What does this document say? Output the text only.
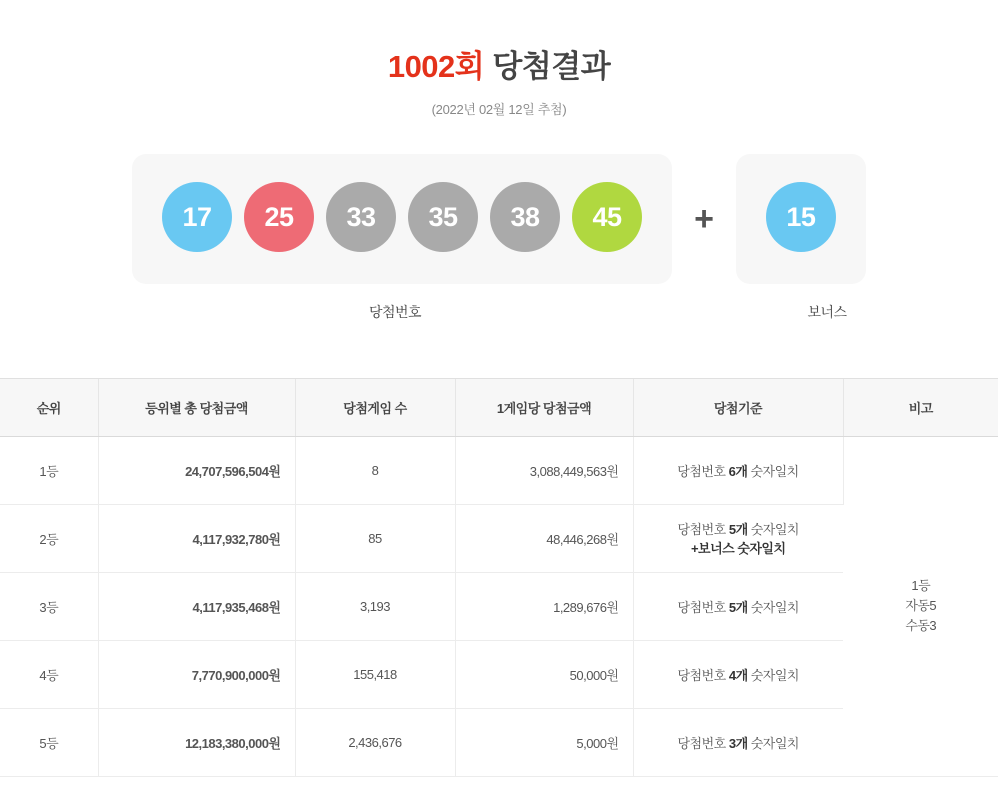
1002회 당첨결과
(2022년 02월 12일 추첨)
17 25 33 35 38 45 +	15
당첨번호	보너스
순위	등위별 총 당첨금액	당첨게임 수	1게임당 당첨금액	당첨기준	비고
1등	24,707,596,504원	8	3,088,449,563원	당첨번호 6개 숫자일치	1등
자동5
수동3

2등	4,117,932,780원	85	48,446,268원	당첨번호 5개 숫자일치
+보너스 숫자일치	

3등	4,117,935,468원	3,193	1,289,676원	당첨번호 5개 숫자일치	
4등	7,770,900,000원	155,418	50,000원	당첨번호 4개 숫자일치	
5등	12,183,380,000원	2,436,676	5,000원	당첨번호 3개 숫자일치	
